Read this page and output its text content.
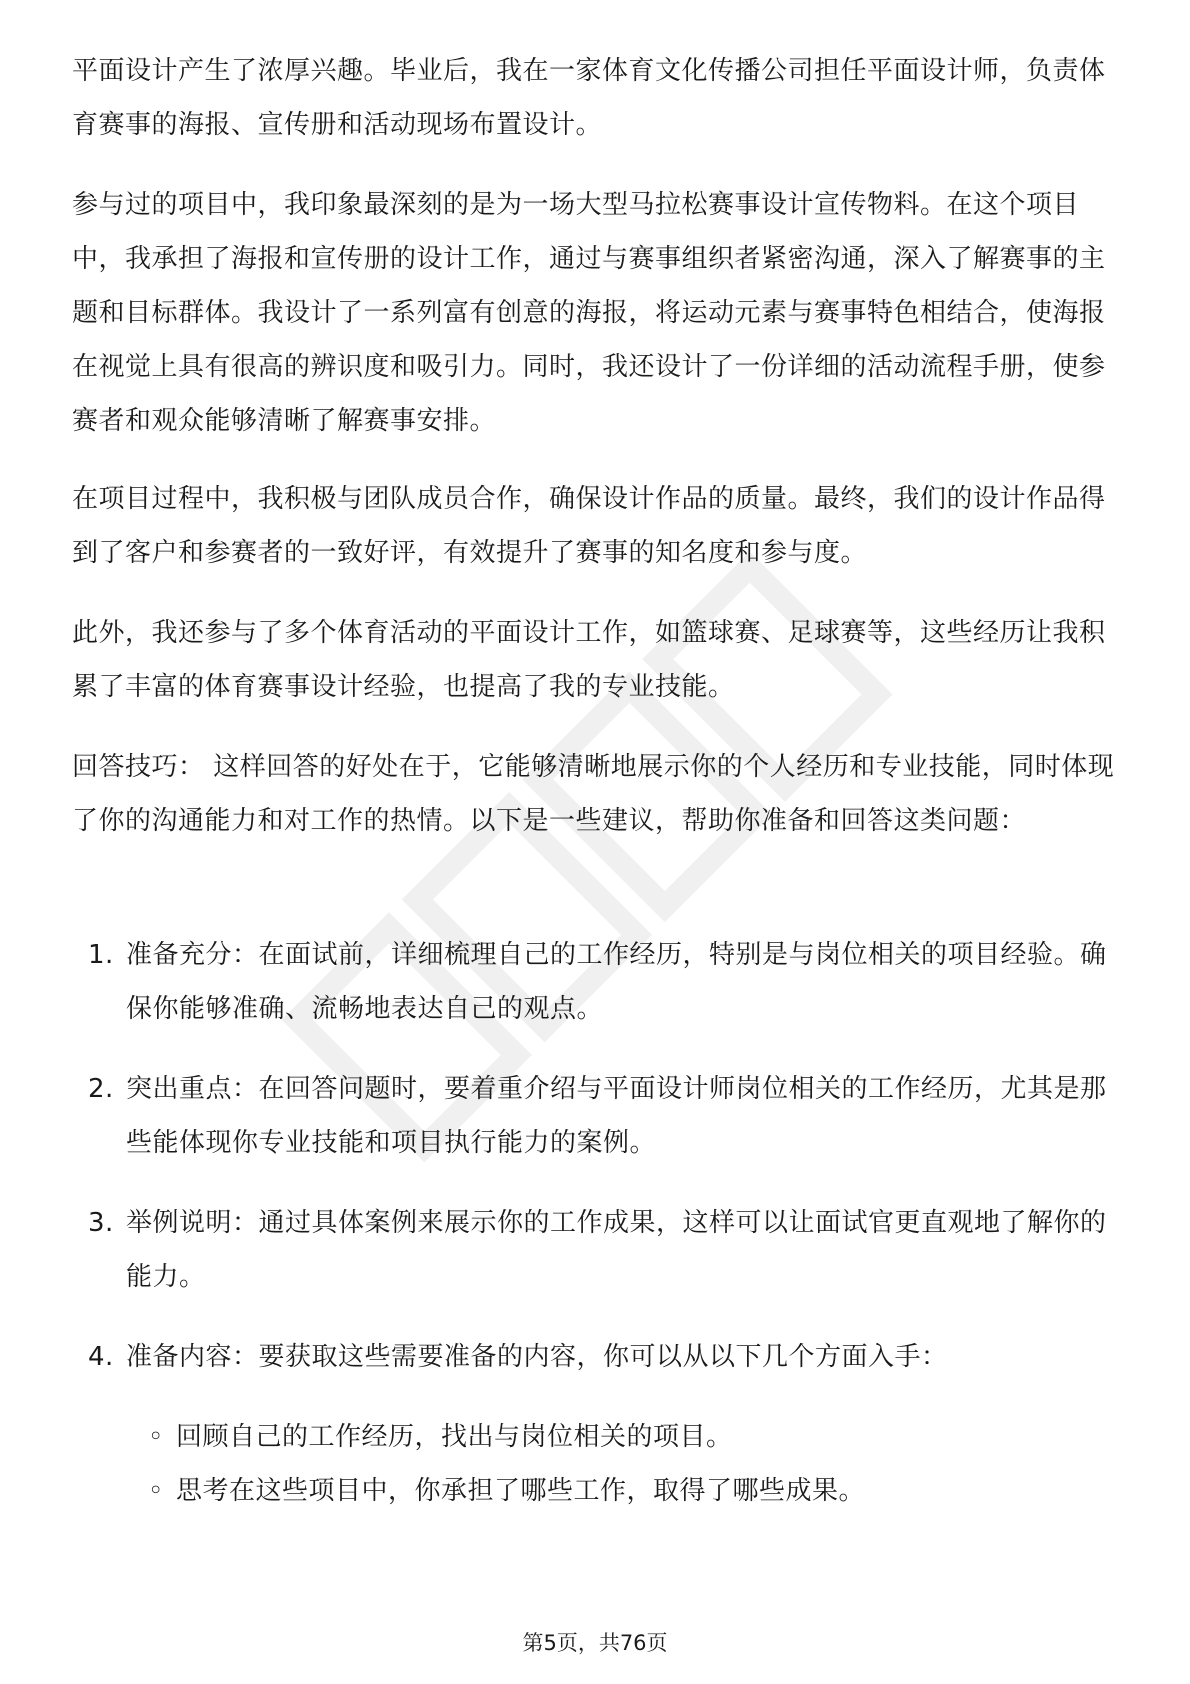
平面设计产生了浓厚兴趣。毕业后，我在一家体育文化传播公司担任平面设计师，负责体育赛事的海报、宣传册和活动现场布置设计。

参与过的项目中，我印象最深刻的是为一场大型马拉松赛事设计宣传物料。在这个项目中，我承担了海报和宣传册的设计工作，通过与赛事组织者紧密沟通，深入了解赛事的主题和目标群体。我设计了一系列富有创意的海报，将运动元素与赛事特色相结合，使海报在视觉上具有很高的辨识度和吸引力。同时，我还设计了一份详细的活动流程手册，使参赛者和观众能够清晰了解赛事安排。

在项目过程中，我积极与团队成员合作，确保设计作品的质量。最终，我们的设计作品得到了客户和参赛者的一致好评，有效提升了赛事的知名度和参与度。

此外，我还参与了多个体育活动的平面设计工作，如篮球赛、足球赛等，这些经历让我积累了丰富的体育赛事设计经验，也提高了我的专业技能。

回答技巧： 这样回答的好处在于，它能够清晰地展示你的个人经历和专业技能，同时体现了你的沟通能力和对工作的热情。以下是一些建议，帮助你准备和回答这类问题：

1. 准备充分：在面试前，详细梳理自己的工作经历，特别是与岗位相关的项目经验。确保你能够准确、流畅地表达自己的观点。
2. 突出重点：在回答问题时，要着重介绍与平面设计师岗位相关的工作经历，尤其是那些能体现你专业技能和项目执行能力的案例。
3. 举例说明：通过具体案例来展示你的工作成果，这样可以让面试官更直观地了解你的能力。
4. 准备内容：要获取这些需要准备的内容，你可以从以下几个方面入手：
◦ 回顾自己的工作经历，找出与岗位相关的项目。
◦ 思考在这些项目中，你承担了哪些工作，取得了哪些成果。
第5页，共76页
